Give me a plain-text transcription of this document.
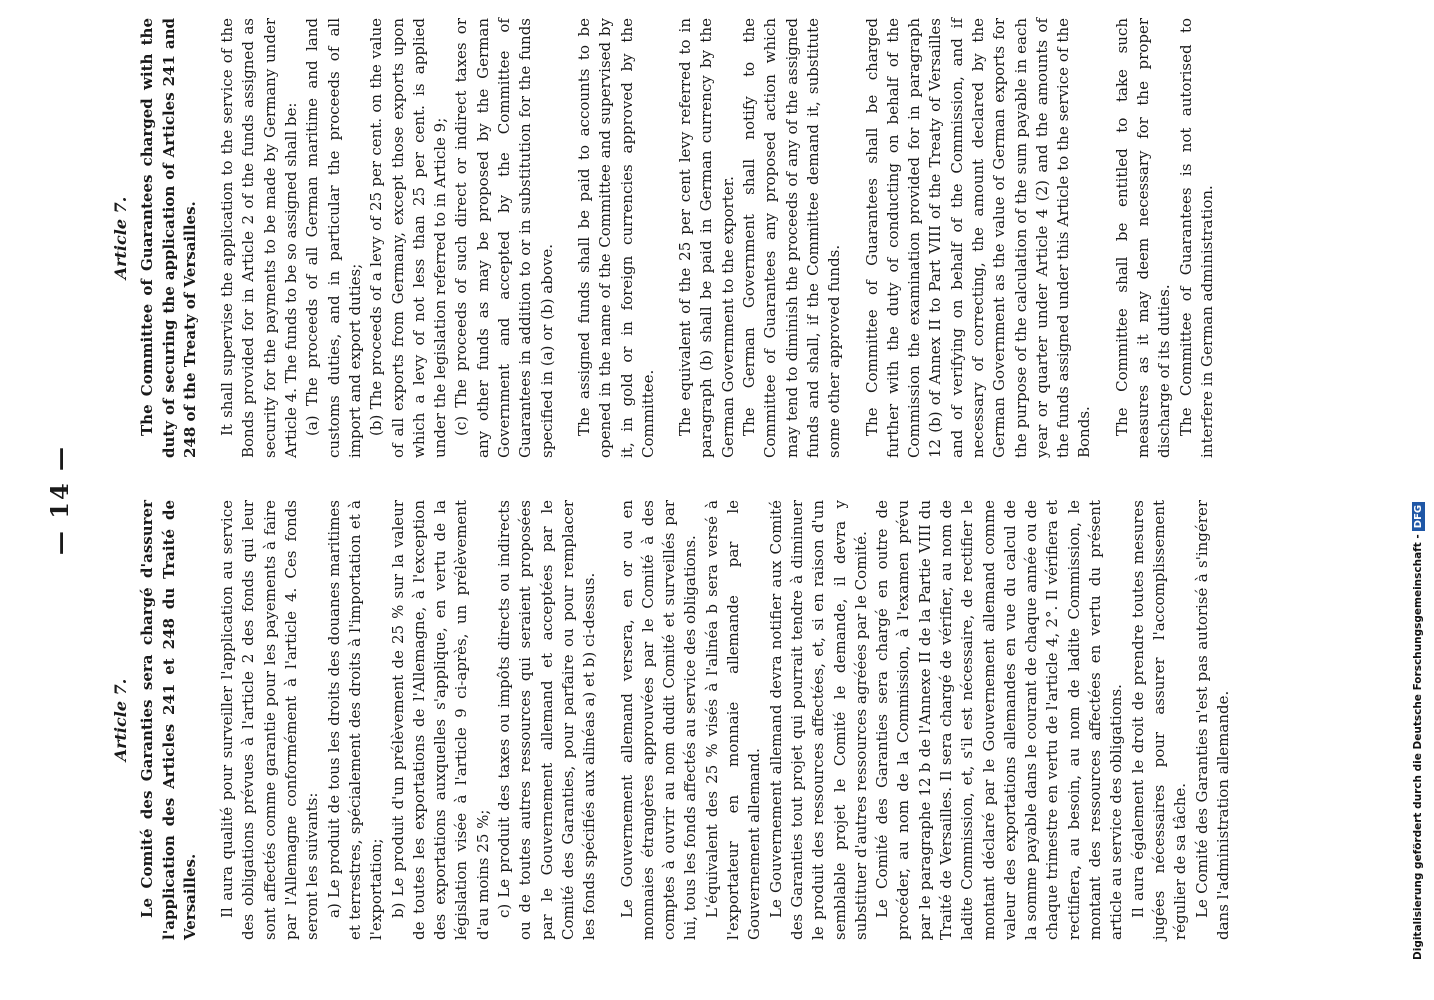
— 14 —
Article 7. Le Comité des Garanties sera chargé d'assurer l'application des Articles 241 et 248 du Traité de Versailles. Il aura qualité pour surveiller l'application au service des obligations prévues à l'article 2 des fonds qui leur sont affectés comme garantie pour les payements à faire par l'Allemagne conformément à l'article 4. Ces fonds seront les suivants: a) Le produit de tous les droits des douanes maritimes et terrestres, spécialement des droits à l'importation et à l'exportation; b) Le produit d'un prélèvement de 25 % sur la valeur de toutes les exportations de l'Allemagne, à l'exception des exportations auxquelles s'applique, en vertu de la législation visée à l'article 9 ci-après, un prélèvement d'au moins 25 %; c) Le produit des taxes ou impôts directs ou indirects ou de toutes autres ressources qui seraient proposées par le Gouvernement allemand et acceptées par le Comité des Garanties, pour parfaire ou pour remplacer les fonds spécifiés aux alinéas a) et b) ci-dessus. Le Gouvernement allemand versera, en or ou en monnaies étrangères approuvées par le Comité à des comptes à ouvrir au nom dudit Comité et surveillés par lui, tous les fonds affectés au service des obligations. L'équivalent des 25 % visés à l'alinéa b sera versé à l'exportateur en monnaie allemande par le Gouvernement allemand. Le Gouvernement allemand devra notifier aux Comité des Garanties tout projet qui pourrait tendre à diminuer le produit des ressources affectées, et, si en raison d'un semblable projet le Comité le demande, il devra y substituer d'autres ressources agréées par le Comité. Le Comité des Garanties sera chargé en outre de procéder, au nom de la Commission, à l'examen prévu par le paragraphe 12 b de l'Annexe II de la Partie VIII du Traité de Versailles. Il sera chargé de vérifier, au nom de ladite Commission, et, s'il est nécessaire, de rectifier le montant déclaré par le Gouvernement allemand comme valeur des exportations allemandes en vue du calcul de la somme payable dans le courant de chaque année ou de chaque trimestre en vertu de l'article 4, 2°. Il vérifiera et rectifiera, au besoin, au nom de ladite Commission, le montant des ressources affectées en vertu du présent article au service des obligations. Il aura également le droit de prendre toutes mesures jugées nécessaires pour assurer l'accomplissement régulier de sa tâche. Le Comité des Garanties n'est pas autorisé à s'ingérer dans l'administration allemande.

Article 7. The Committee of Guarantees charged with the duty of securing the application of Articles 241 and 248 of the Treaty of Versailles. It shall supervise the application to the service of the Bonds provided for in Article 2 of the funds assigned as security for the payments to be made by Germany under Article 4. The funds to be so assigned shall be: (a) The proceeds of all German maritime and land customs duties, and in particular the proceeds of all import and export duties; (b) The proceeds of a levy of 25 per cent. on the value of all exports from Germany, except those exports upon which a levy of not less than 25 per cent. is applied under the legislation referred to in Article 9; (c) The proceeds of such direct or indirect taxes or any other funds as may be proposed by the German Government and accepted by the Committee of Guarantees in addition to or in substitution for the funds specified in (a) or (b) above. The assigned funds shall be paid to accounts to be opened in the name of the Committee and supervised by it, in gold or in foreign currencies approved by the Committee. The equivalent of the 25 per cent levy referred to in paragraph (b) shall be paid in German currency by the German Government to the exporter. The German Government shall notify to the Committee of Guarantees any proposed action which may tend to diminish the proceeds of any of the assigned funds and shall, if the Committee demand it, substitute some other approved funds. The Committee of Guarantees shall be charged further with the duty of conducting on behalf of the Commission the examination provided for in paragraph 12 (b) of Annex II to Part VIII of the Treaty of Versailles and of verifying on behalf of the Commission, and if necessary of correcting, the amount declared by the German Government as the value of German exports for the purpose of the calculation of the sum payable in each year or quarter under Article 4 (2) and the amounts of the funds assigned under this Article to the service of the Bonds. The Committee shall be entitled to take such measures as it may deem necessary for the proper discharge of its duties. The Committee of Guarantees is not autorised to interfere in German administration.

Digitalisierung gefördert durch die Deutsche Forschungsgemeinschaft -DFG
